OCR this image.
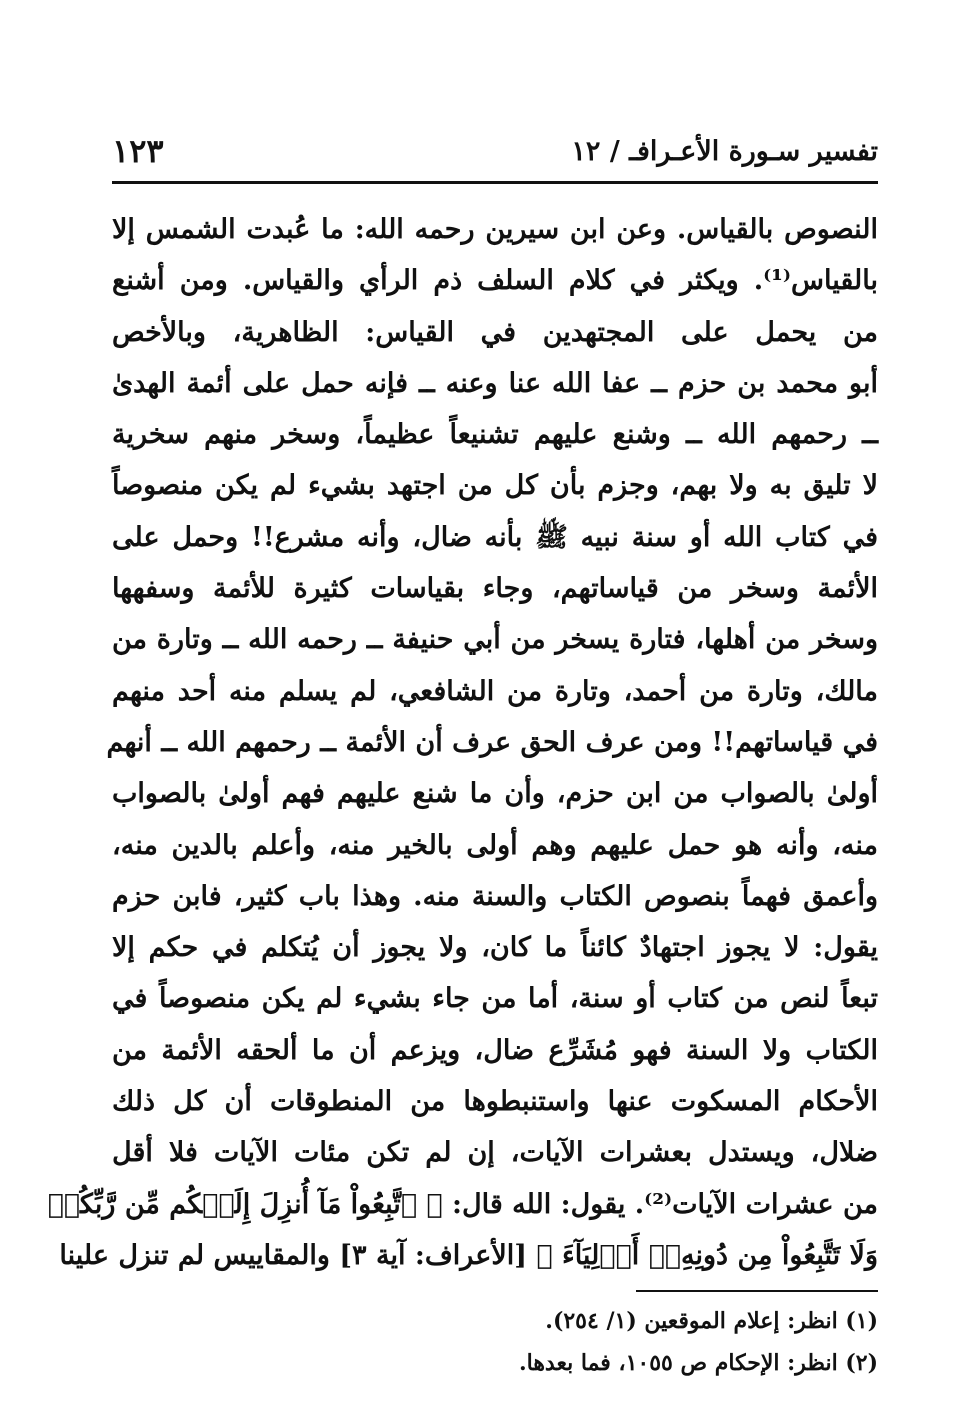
تفسير سـورة الأعـرافـ / ١٢
١٢٣
النصوص بالقياس. وعن ابن سيرين رحمه الله: ما عُبدت الشمس إلا
بالقياس⁽¹⁾. ويكثر في كلام السلف ذم الرأي والقياس. ومن أشنع
من يحمل على المجتهدين في القياس: الظاهرية، وبالأخص
أبو محمد بن حزم ــ عفا الله عنا وعنه ــ فإنه حمل على أئمة الهدىٰ
ــ رحمهم الله ــ وشنع عليهم تشنيعاً عظيماً، وسخر منهم سخرية
لا تليق به ولا بهم، وجزم بأن كل من اجتهد بشيء لم يكن منصوصاً
في كتاب الله أو سنة نبيه ﷺ بأنه ضال، وأنه مشرع!! وحمل على
الأئمة وسخر من قياساتهم، وجاء بقياسات كثيرة للأئمة وسفهها
وسخر من أهلها، فتارة يسخر من أبي حنيفة ــ رحمه الله ــ وتارة من
مالك، وتارة من أحمد، وتارة من الشافعي، لم يسلم منه أحد منهم
في قياساتهم!! ومن عرف الحق عرف أن الأئمة ــ رحمهم الله ــ أنهم
أولىٰ بالصواب من ابن حزم، وأن ما شنع عليهم فهم أولىٰ بالصواب
منه، وأنه هو حمل عليهم وهم أولى بالخير منه، وأعلم بالدين منه،
وأعمق فهماً بنصوص الكتاب والسنة منه. وهذا باب كثير، فابن حزم
يقول: لا يجوز اجتهادٌ كائناً ما كان، ولا يجوز أن يُتكلم في حكم إلا
تبعاً لنص من كتاب أو سنة، أما من جاء بشيء لم يكن منصوصاً في
الكتاب ولا السنة فهو مُشَرِّع ضال، ويزعم أن ما ألحقه الأئمة من
الأحكام المسكوت عنها واستنبطوها من المنطوقات أن كل ذلك
ضلال، ويستدل بعشرات الآيات، إن لم تكن مئات الآيات فلا أقل
من عشرات الآيات⁽²⁾. يقول: الله قال: ﴿ ٱتَّبِعُواْ مَآ أُنزِلَ إِلَيۡكُم مِّن رَّبِّكُمۡ
وَلَا تَتَّبِعُواْ مِن دُونِهِۦٓ أَوۡلِيَآءَ ﴾ [الأعراف: آية ٣] والمقاييس لم تنزل علينا
(١) انظر: إعلام الموقعين (١/ ٢٥٤).
(٢) انظر: الإحكام ص ١٠٥٥، فما بعدها.
